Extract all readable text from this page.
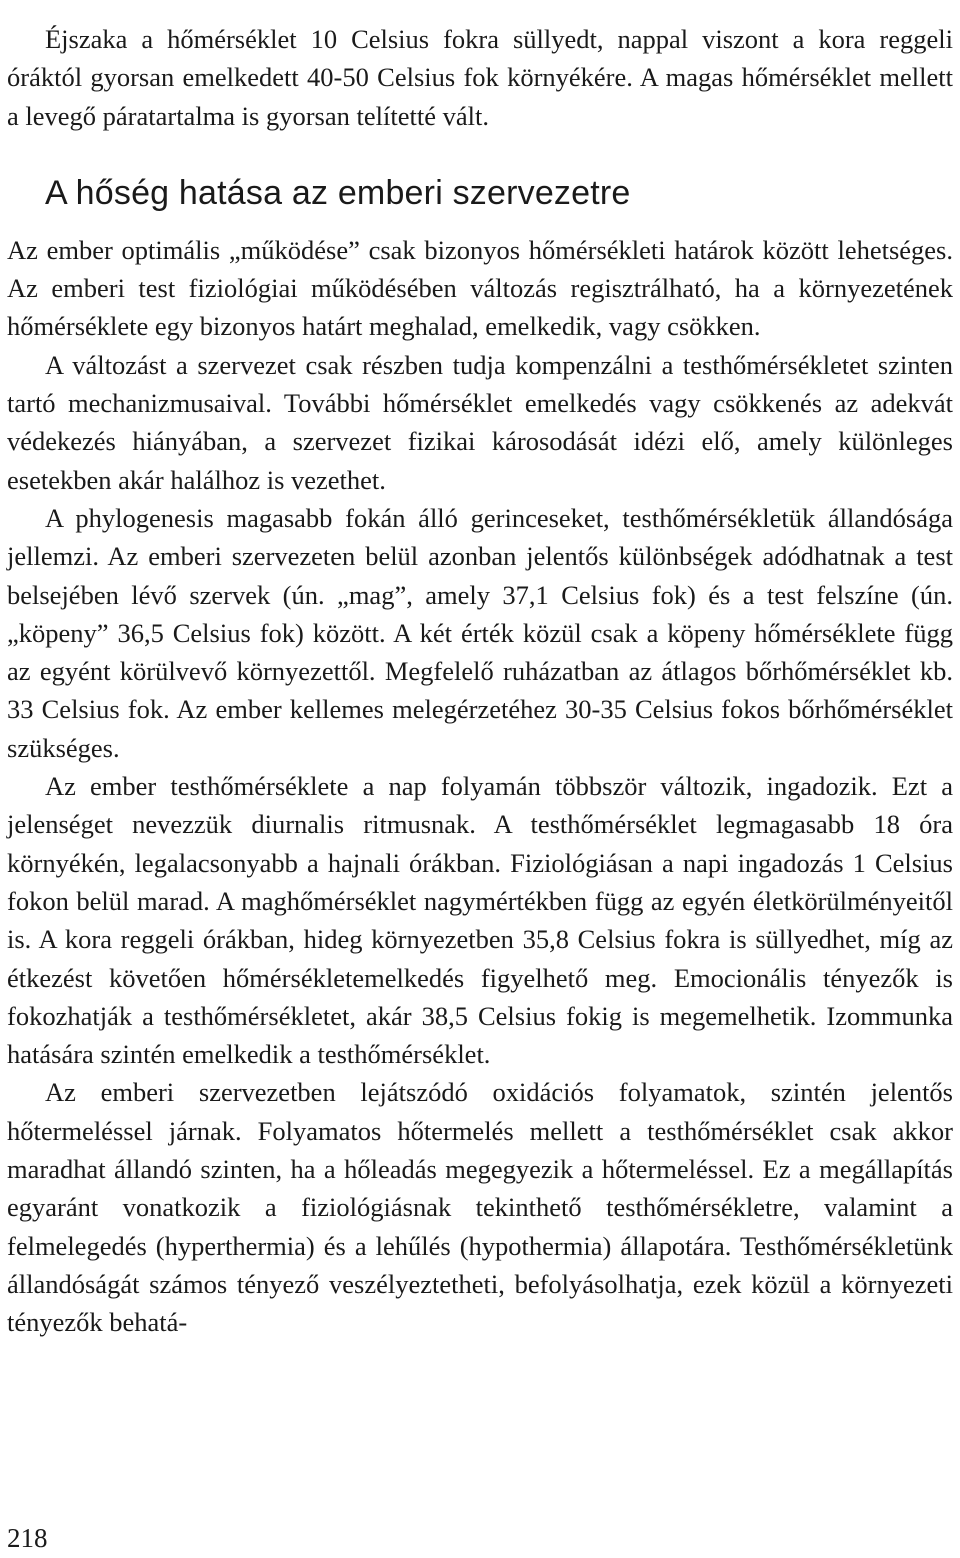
Éjszaka a hőmérséklet 10 Celsius fokra süllyedt, nappal viszont a kora reggeli óráktól gyorsan emelkedett 40-50 Celsius fok környékére. A magas hőmérséklet mellett a levegő páratartalma is gyorsan telítetté vált.

A hőség hatása az emberi szervezetre

Az ember optimális „működése” csak bizonyos hőmérsékleti határok között lehetséges. Az emberi test fiziológiai működésében változás regisztrálható, ha a környezetének hőmérséklete egy bizonyos határt meghalad, emelkedik, vagy csökken.

A változást a szervezet csak részben tudja kompenzálni a testhőmérsékletet szinten tartó mechanizmusaival. További hőmérséklet emelkedés vagy csökkenés az adekvát védekezés hiányában, a szervezet fizikai károsodását idézi elő, amely különleges esetekben akár halálhoz is vezethet.

A phylogenesis magasabb fokán álló gerinceseket, testhőmérsékletük állandósága jellemzi. Az emberi szervezeten belül azonban jelentős különbségek adódhatnak a test belsejében lévő szervek (ún. „mag”, amely 37,1 Celsius fok) és a test felszíne (ún. „köpeny” 36,5 Celsius fok) között. A két érték közül csak a köpeny hőmérséklete függ az egyént körülvevő környezettől. Megfelelő ruházatban az átlagos bőrhőmérséklet kb. 33 Celsius fok. Az ember kellemes melegérzetéhez 30-35 Celsius fokos bőrhőmérséklet szükséges.

Az ember testhőmérséklete a nap folyamán többször változik, ingadozik. Ezt a jelenséget nevezzük diurnalis ritmusnak. A testhőmérséklet legmagasabb 18 óra környékén, legalacsonyabb a hajnali órákban. Fiziológiásan a napi ingadozás 1 Celsius fokon belül marad. A maghőmérséklet nagymértékben függ az egyén életkörülményeitől is. A kora reggeli órákban, hideg környezetben 35,8 Celsius fokra is süllyedhet, míg az étkezést követően hőmérsékletemelkedés figyelhető meg. Emocionális tényezők is fokozhatják a testhőmérsékletet, akár 38,5 Celsius fokig is megemelhetik. Izommunka hatására szintén emelkedik a testhőmérséklet.

Az emberi szervezetben lejátszódó oxidációs folyamatok, szintén jelentős hőtermeléssel járnak. Folyamatos hőtermelés mellett a testhőmérséklet csak akkor maradhat állandó szinten, ha a hőleadás megegyezik a hőtermeléssel. Ez a megállapítás egyaránt vonatkozik a fiziológiásnak tekinthető testhőmérsékletre, valamint a felmelegedés (hyperthermia) és a lehűlés (hypothermia) állapotára. Testhőmérsékletünk állandóságát számos tényező veszélyeztetheti, befolyásolhatja, ezek közül a környezeti tényezők behatá-

218
